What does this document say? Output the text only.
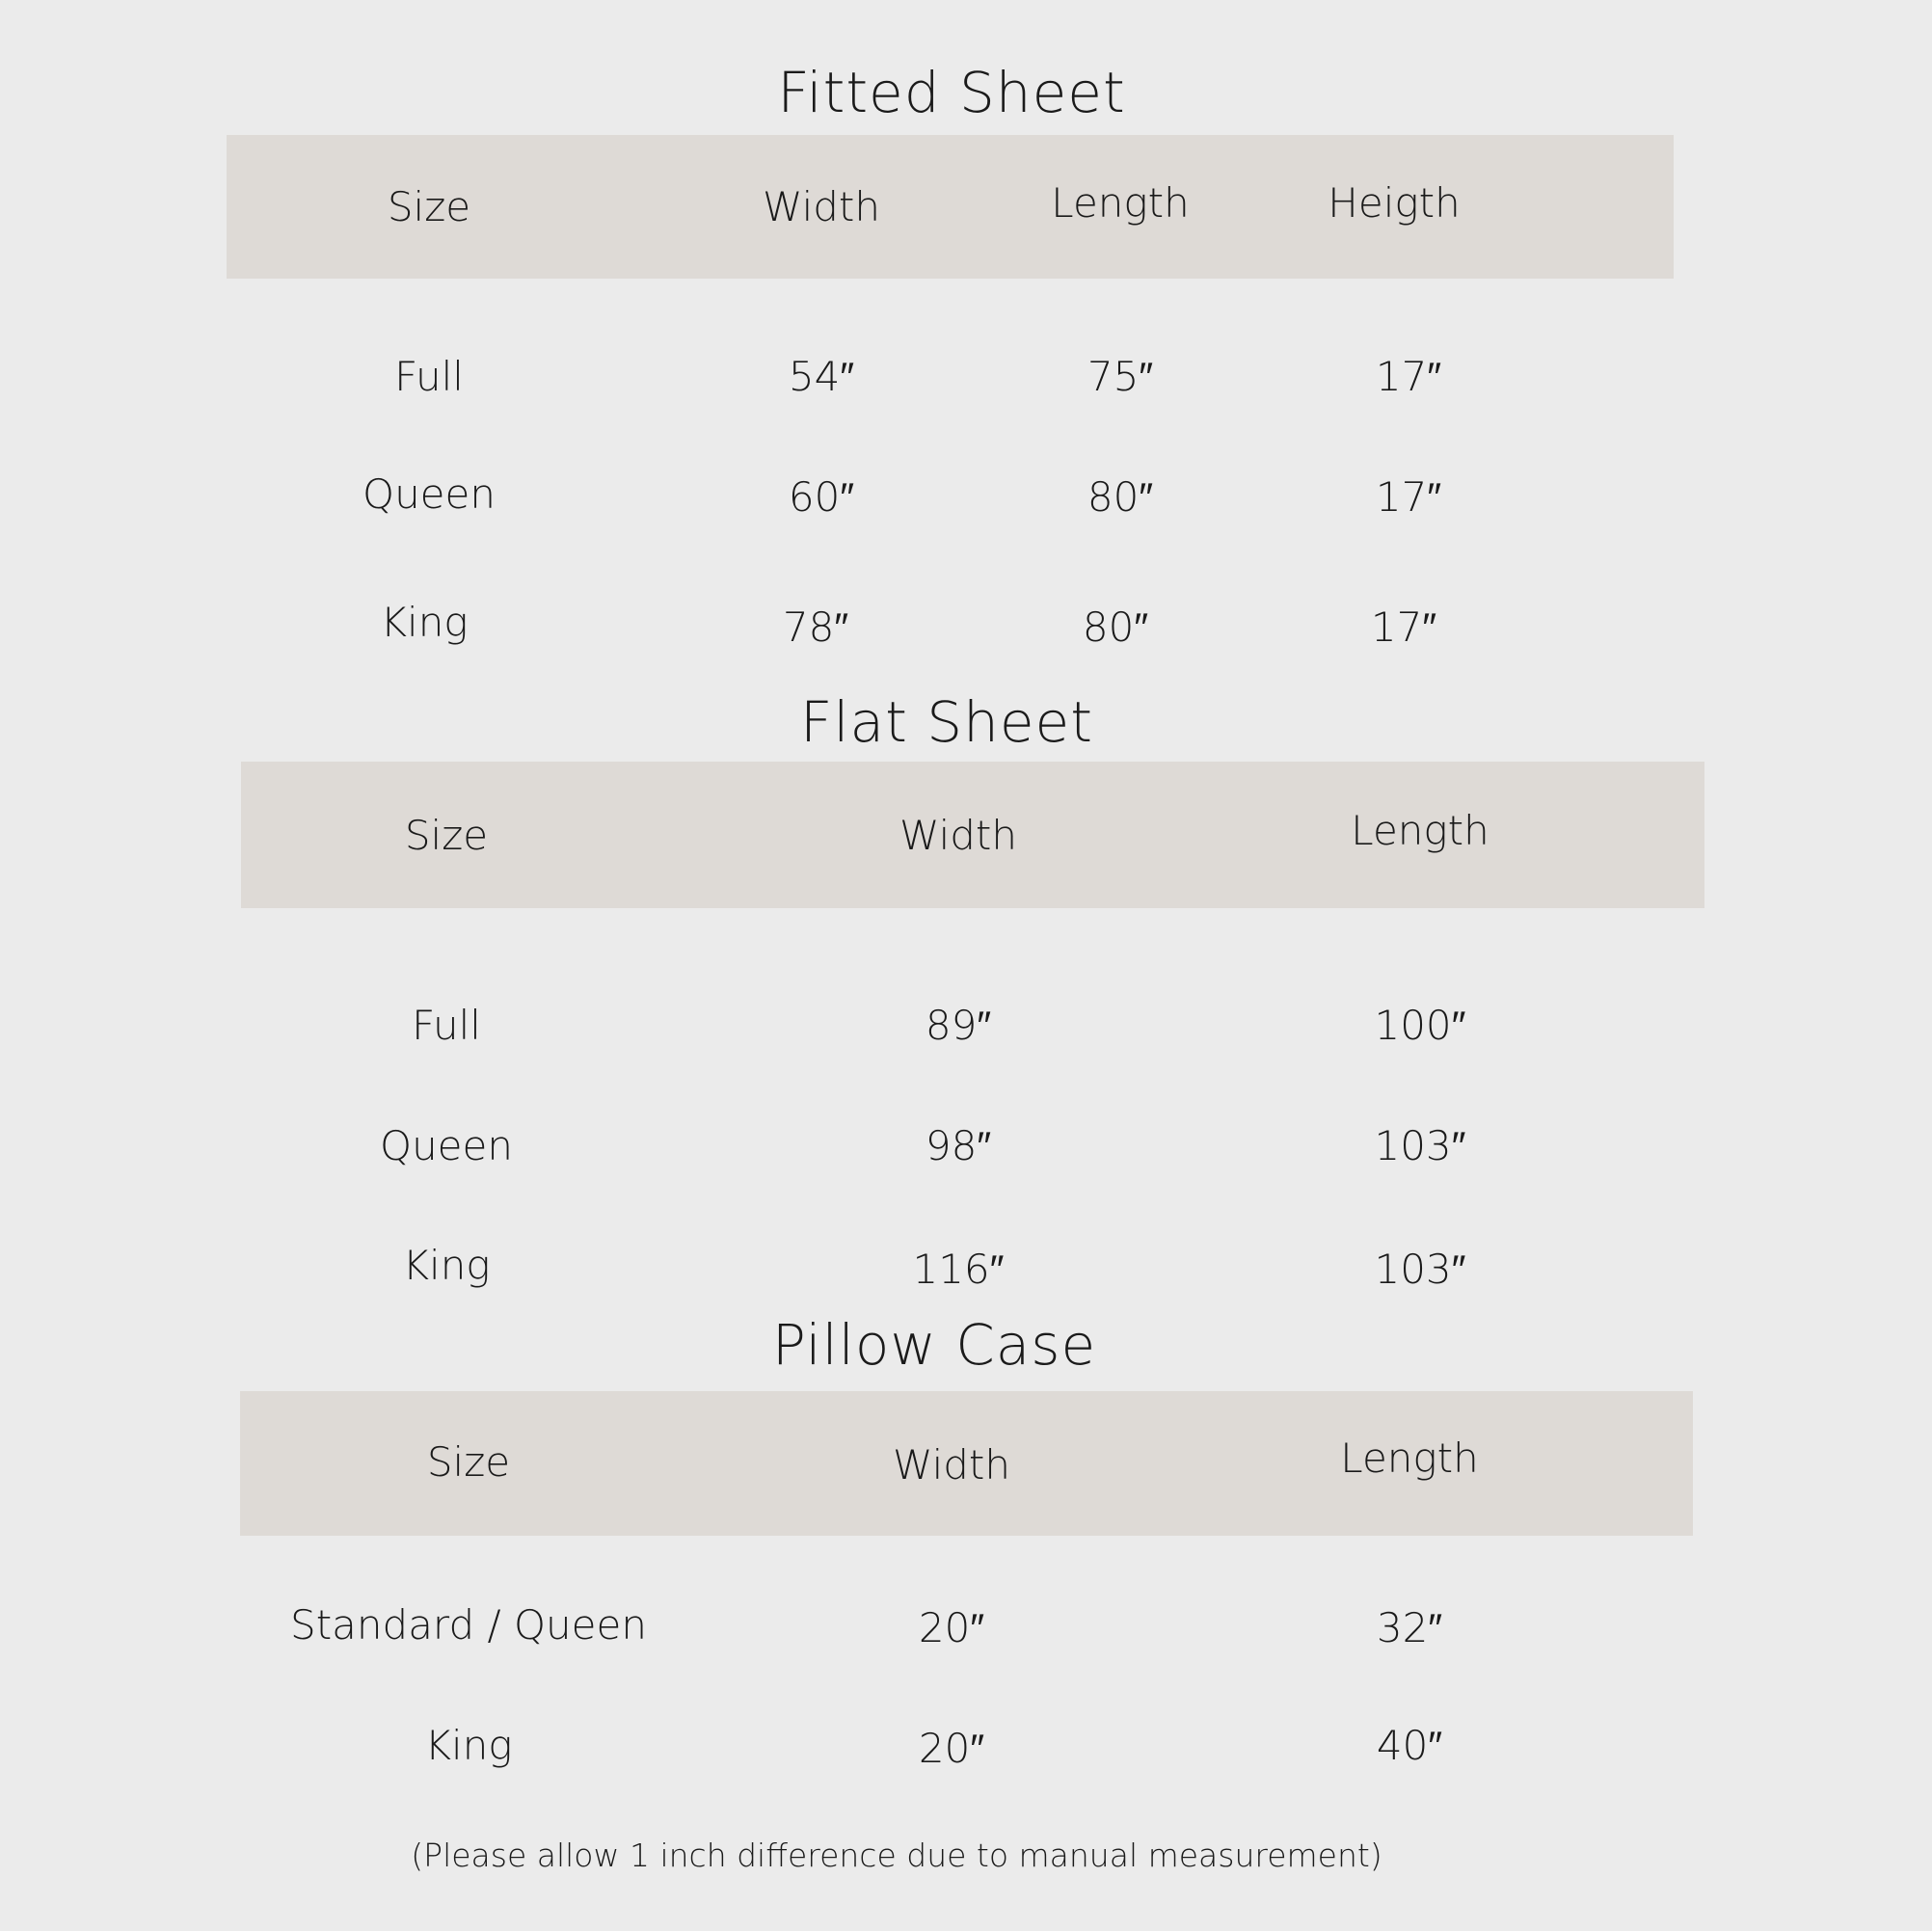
Fitted Sheet
Size	Width	Length	Heigth
Full	54″	75″	17″
Queen	60″	80″	17″
King	78″	80″	17″
Flat Sheet
Size	Width	Length
Full	89″	100″
Queen	98″	103″
King	116″	103″
Pillow Case
Size	Width	Length
Standard / Queen	20″	32″
King	20″	40″
(Please allow 1 inch difference due to manual measurement)
